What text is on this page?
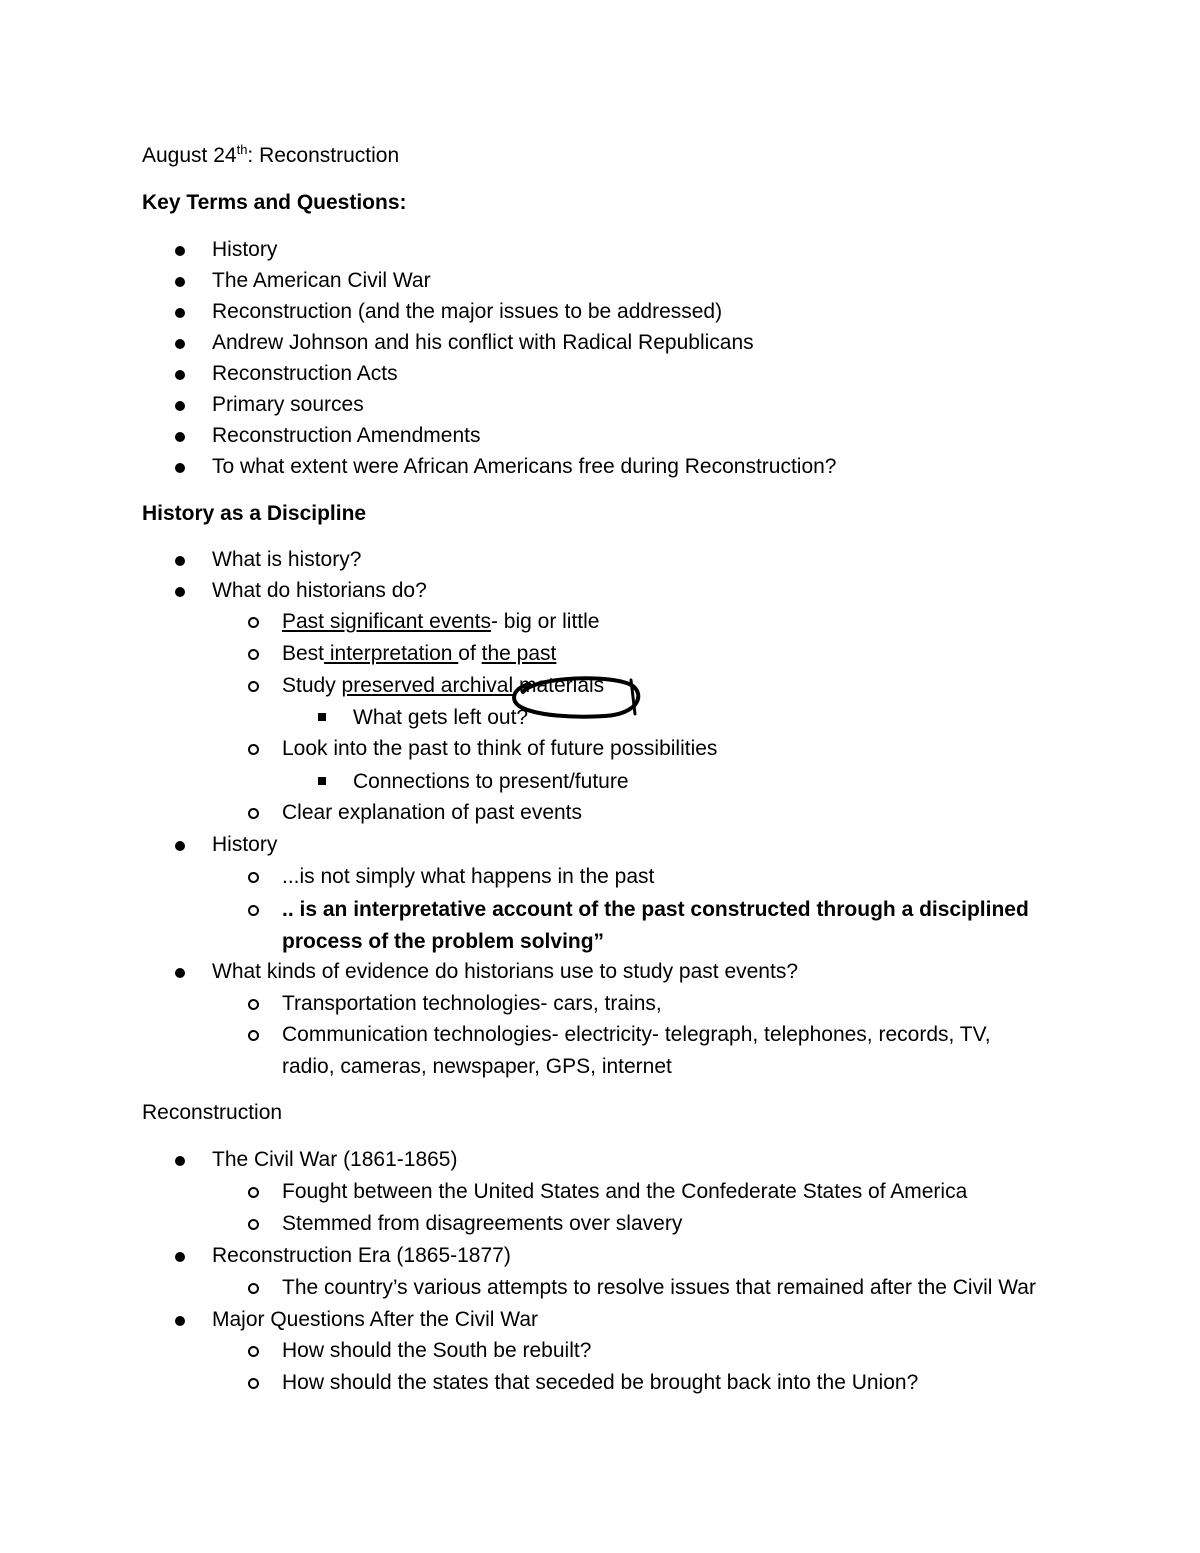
August 24th: Reconstruction
Key Terms and Questions:
History
The American Civil War
Reconstruction (and the major issues to be addressed)
Andrew Johnson and his conflict with Radical Republicans
Reconstruction Acts
Primary sources
Reconstruction Amendments
To what extent were African Americans free during Reconstruction?
History as a Discipline
What is history?
What do historians do?
Past significant events- big or little
Best interpretation of the past
Study preserved archival materials
What gets left out?
Look into the past to think of future possibilities
Connections to present/future
Clear explanation of past events
History
...is not simply what happens in the past
.. is an interpretative account of the past constructed through a disciplined
process of the problem solving”
What kinds of evidence do historians use to study past events?
Transportation technologies- cars, trains,
Communication technologies- electricity- telegraph, telephones, records, TV,
radio, cameras, newspaper, GPS, internet
Reconstruction
The Civil War (1861-1865)
Fought between the United States and the Confederate States of America
Stemmed from disagreements over slavery
Reconstruction Era (1865-1877)
The country’s various attempts to resolve issues that remained after the Civil War
Major Questions After the Civil War
How should the South be rebuilt?
How should the states that seceded be brought back into the Union?
